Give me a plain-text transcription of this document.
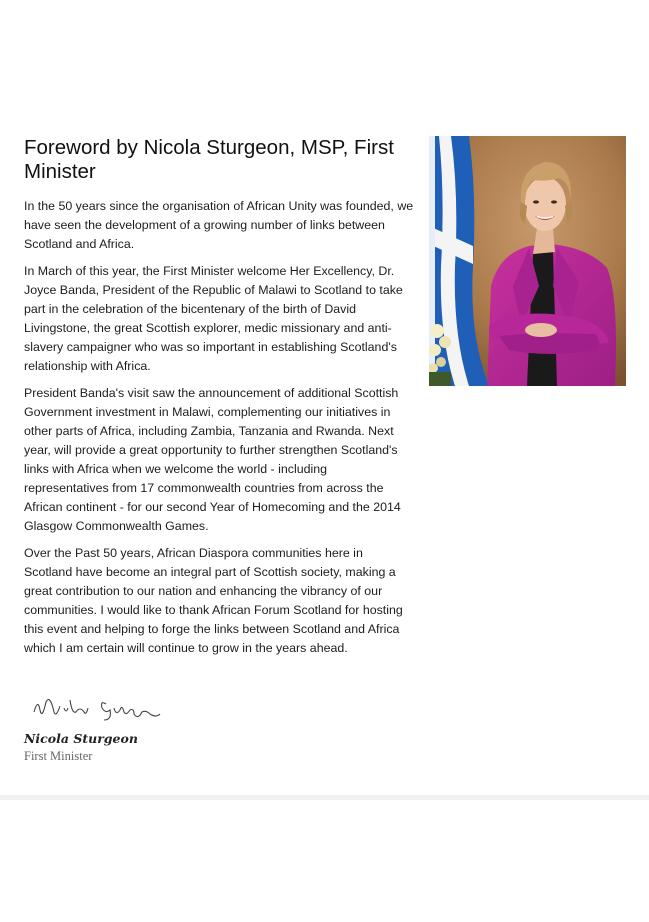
Foreword by Nicola Sturgeon, MSP, First Minister

In the 50 years since the organisation of African Unity was founded, we have seen the development of a growing number of links between Scotland and Africa.

In March of this year, the First Minister welcome Her Excellency, Dr. Joyce Banda, President of the Republic of Malawi to Scotland to take part in the celebration of the bicentenary of the birth of David Livingstone, the great Scottish explorer, medic missionary and anti-slavery campaigner who was so important in establishing Scotland's relationship with Africa.

President Banda's visit saw the announcement of additional Scottish Government investment in Malawi, complementing our initiatives in other parts of Africa, including Zambia, Tanzania and Rwanda. Next year, will provide a great opportunity to further strengthen Scotland's links with Africa when we welcome the world - including representatives from 17 commonwealth countries from across the African continent - for our second Year of Homecoming and the 2014 Glasgow Commonwealth Games.

Over the Past 50 years, African Diaspora communities here in Scotland have become an integral part of Scottish society, making a great contribution to our nation and enhancing the vibrancy of our communities. I would like to thank African Forum Scotland for hosting this event and helping to forge the links between Scotland and Africa which I am certain will continue to grow in the years ahead.

Nicola Sturgeon
First Minister
